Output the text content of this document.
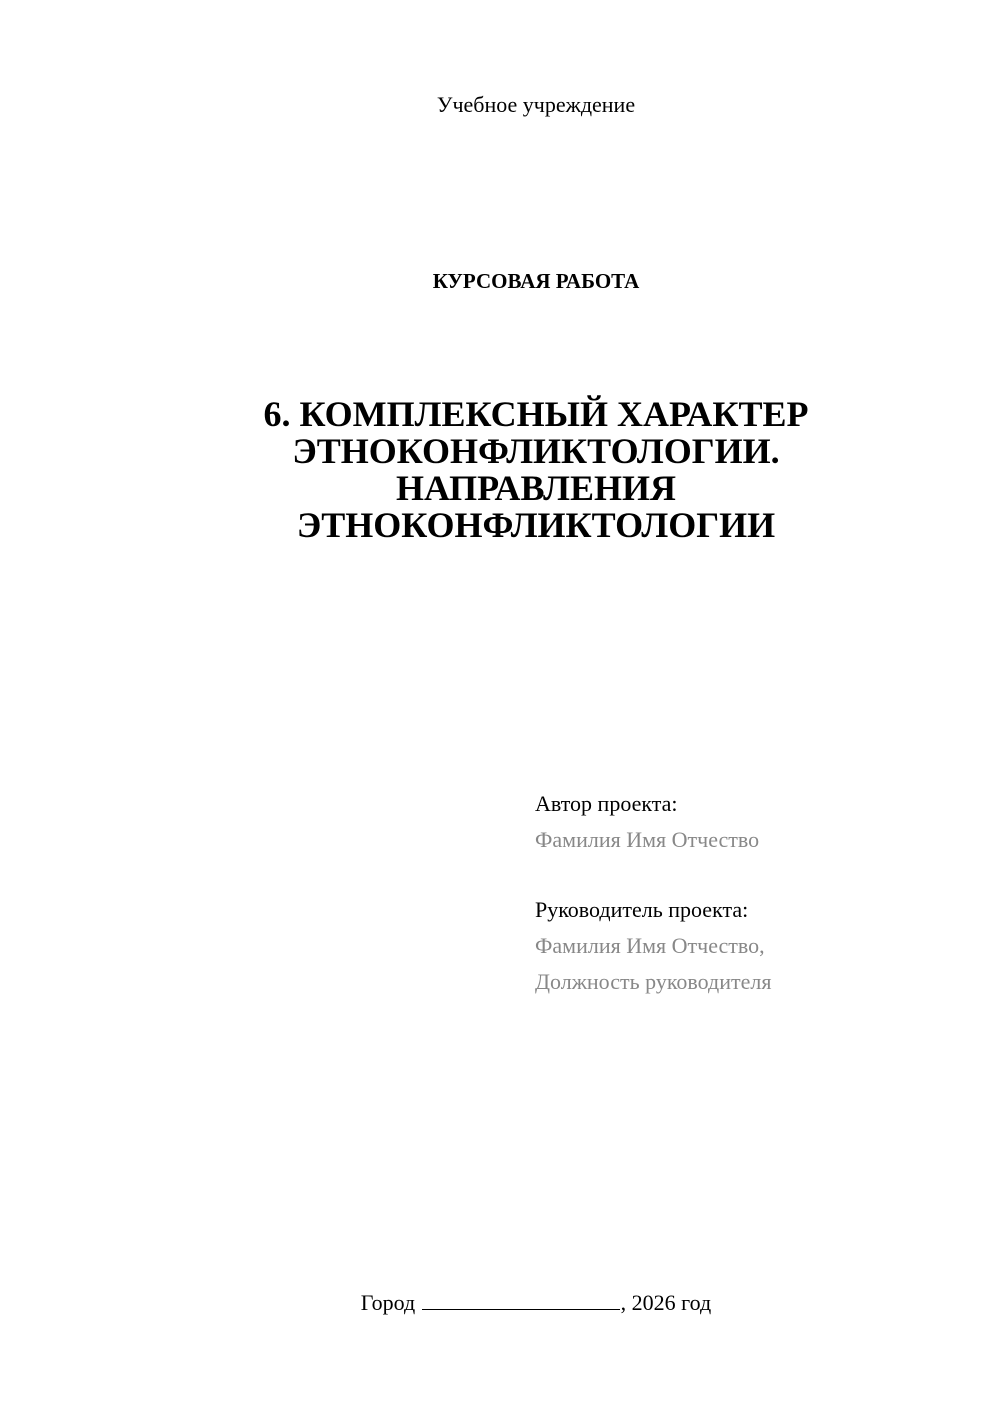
Учебное учреждение
КУРСОВАЯ РАБОТА
6. КОМПЛЕКСНЫЙ ХАРАКТЕР
ЭТНОКОНФЛИКТОЛОГИИ.
НАПРАВЛЕНИЯ
ЭТНОКОНФЛИКТОЛОГИИ
Автор проекта:
Фамилия Имя Отчество
Руководитель проекта:
Фамилия Имя Отчество,
Должность руководителя
Город	, 2026 год
